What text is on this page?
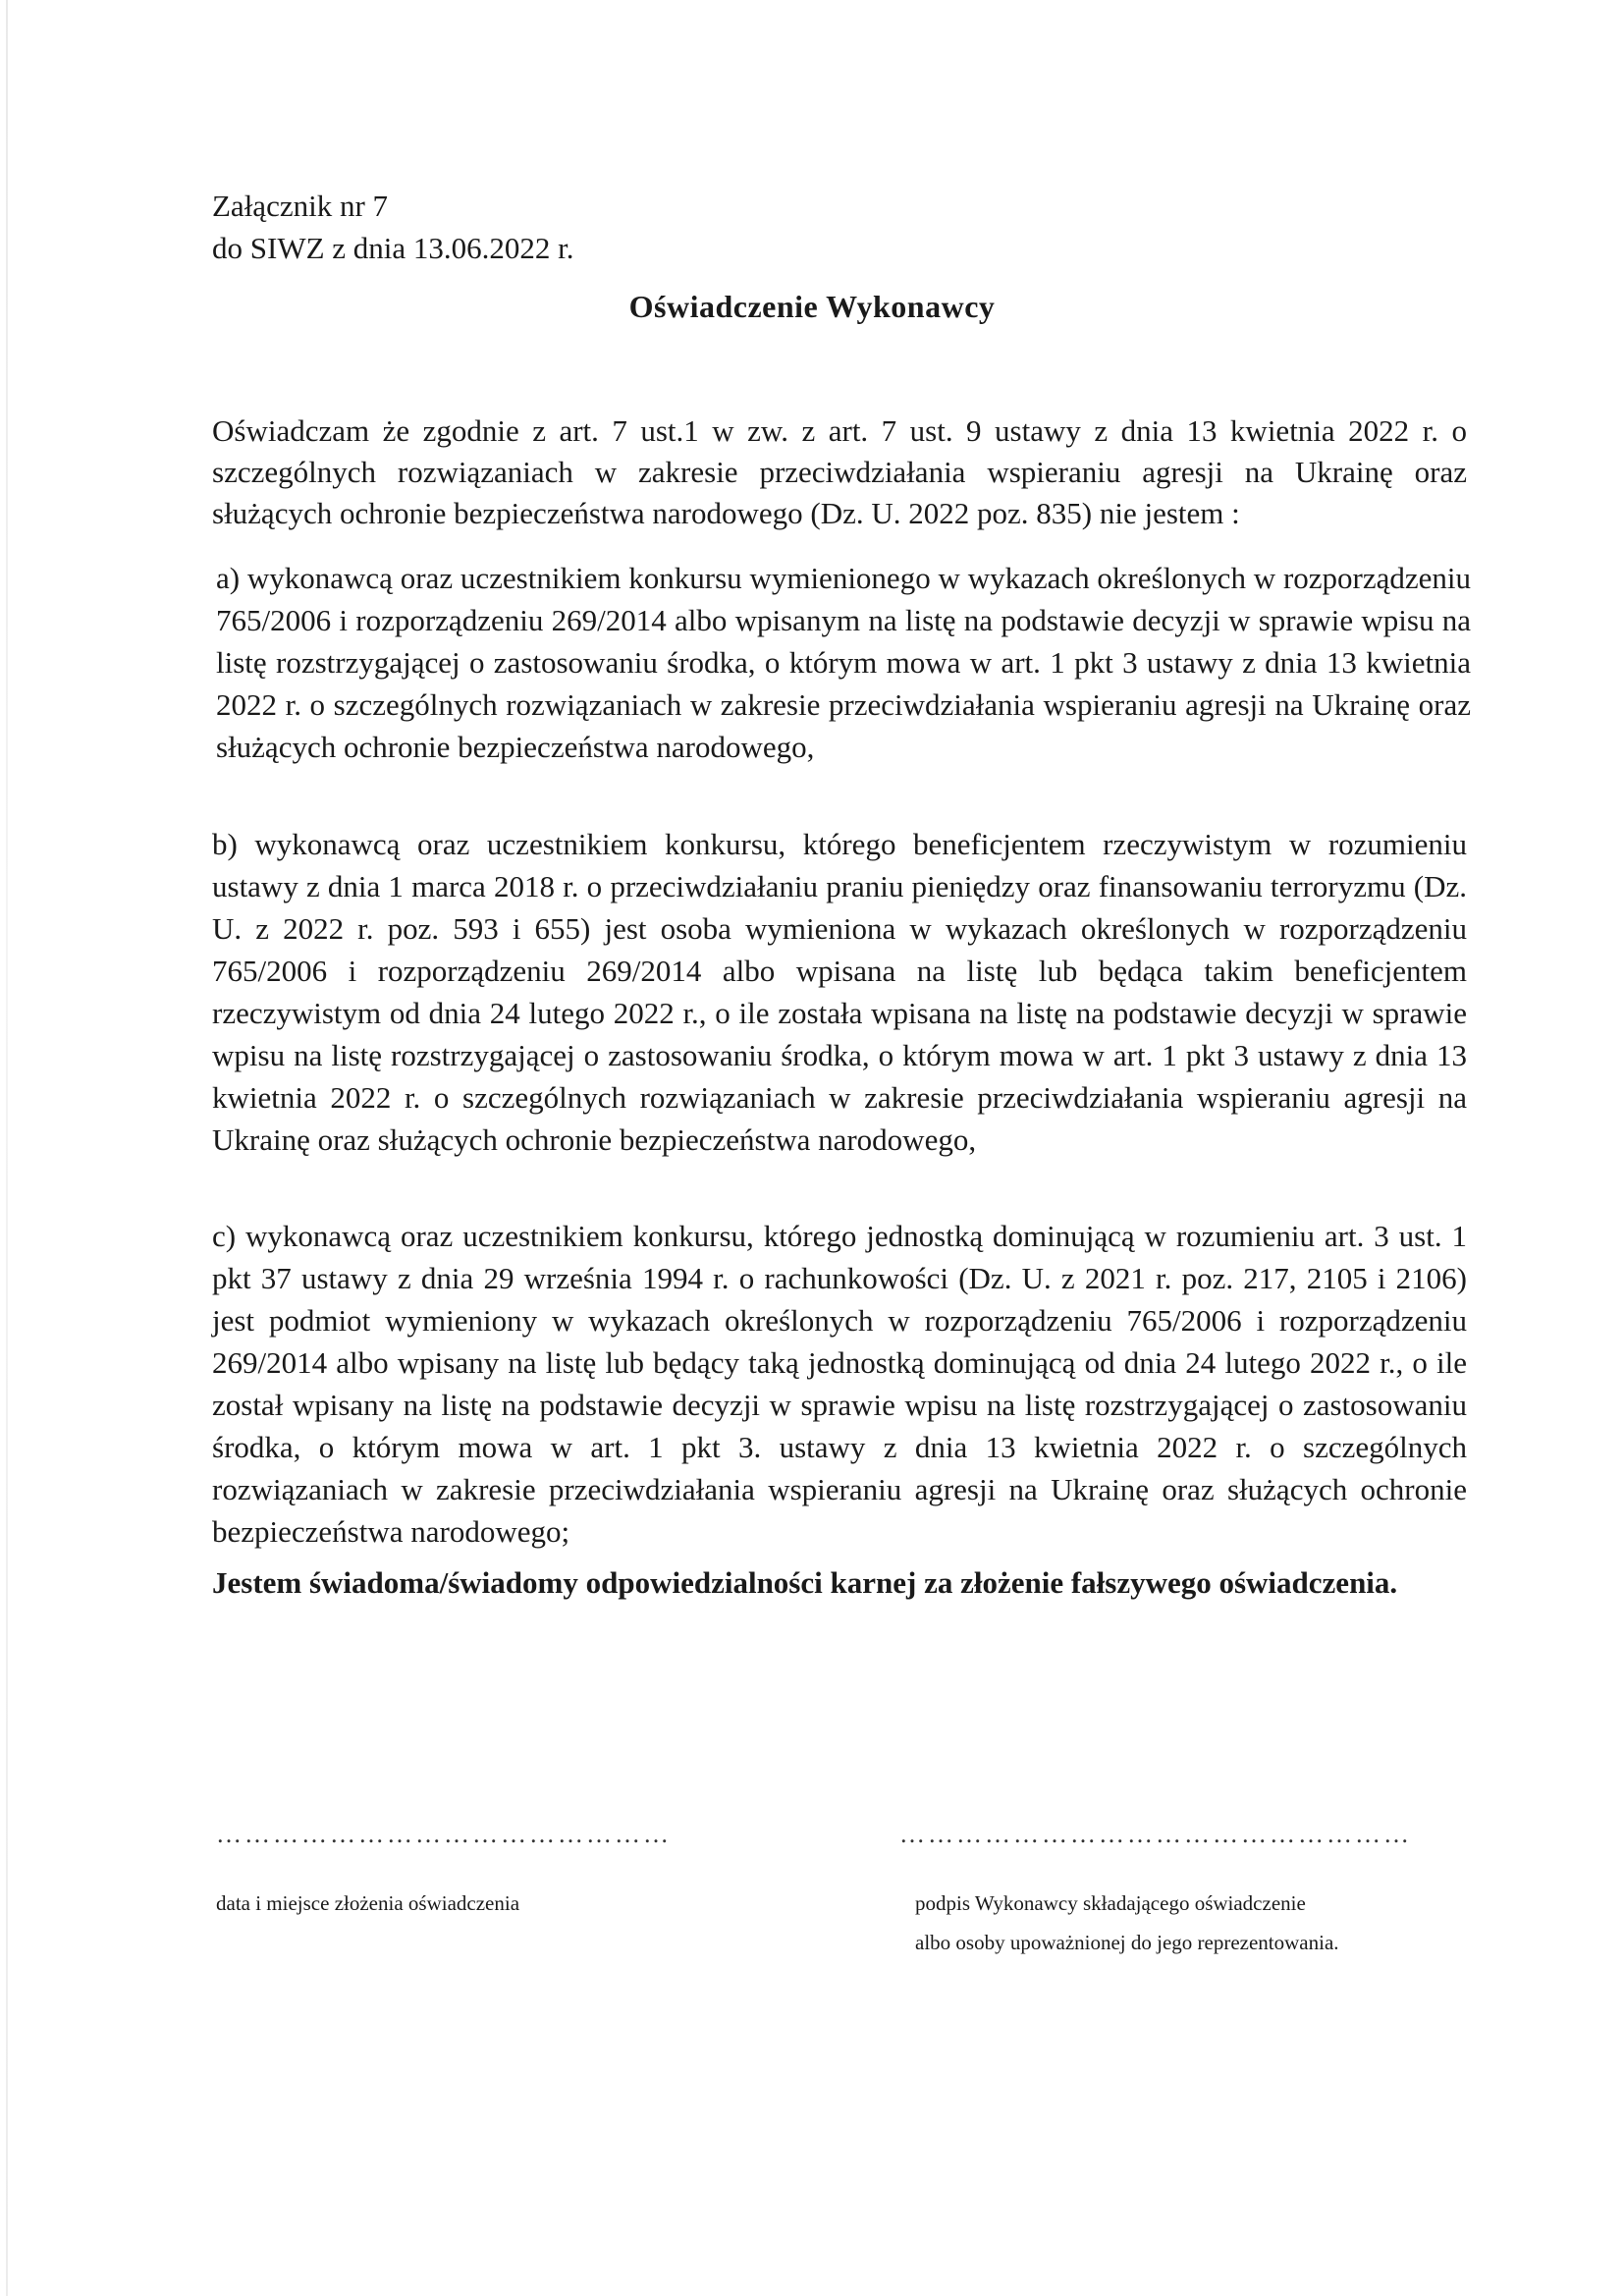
Załącznik nr 7
do SIWZ z dnia 13.06.2022 r.
Oświadczenie Wykonawcy
Oświadczam że zgodnie z art. 7 ust.1 w zw. z art. 7 ust. 9 ustawy z dnia 13 kwietnia 2022 r. o szczególnych rozwiązaniach w zakresie przeciwdziałania wspieraniu agresji na Ukrainę oraz służących ochronie bezpieczeństwa narodowego (Dz. U. 2022 poz. 835) nie jestem :
a) wykonawcą oraz uczestnikiem konkursu wymienionego w wykazach określonych w rozporządzeniu 765/2006 i rozporządzeniu 269/2014 albo wpisanym na listę na podstawie decyzji w sprawie wpisu na listę rozstrzygającej o zastosowaniu środka, o którym mowa w art. 1 pkt 3 ustawy z dnia 13 kwietnia 2022 r. o szczególnych rozwiązaniach w zakresie przeciwdziałania wspieraniu agresji na Ukrainę oraz służących ochronie bezpieczeństwa narodowego,
b) wykonawcą oraz uczestnikiem konkursu, którego beneficjentem rzeczywistym w rozumieniu ustawy z dnia 1 marca 2018 r. o przeciwdziałaniu praniu pieniędzy oraz finansowaniu terroryzmu (Dz. U. z 2022 r. poz. 593 i 655) jest osoba wymieniona w wykazach określonych w rozporządzeniu 765/2006 i rozporządzeniu 269/2014 albo wpisana na listę lub będąca takim beneficjentem rzeczywistym od dnia 24 lutego 2022 r., o ile została wpisana na listę na podstawie decyzji w sprawie wpisu na listę rozstrzygającej o zastosowaniu środka, o którym mowa w art. 1 pkt 3 ustawy z dnia 13 kwietnia 2022 r. o szczególnych rozwiązaniach w zakresie przeciwdziałania wspieraniu agresji na Ukrainę oraz służących ochronie bezpieczeństwa narodowego,
c) wykonawcą oraz uczestnikiem konkursu, którego jednostką dominującą w rozumieniu art. 3 ust. 1 pkt 37 ustawy z dnia 29 września 1994 r. o rachunkowości (Dz. U. z 2021 r. poz. 217, 2105 i 2106) jest podmiot wymieniony w wykazach określonych w rozporządzeniu 765/2006 i rozporządzeniu 269/2014 albo wpisany na listę lub będący taką jednostką dominującą od dnia 24 lutego 2022 r., o ile został wpisany na listę na podstawie decyzji w sprawie wpisu na listę rozstrzygającej o zastosowaniu środka, o którym mowa w art. 1 pkt 3. ustawy z dnia 13 kwietnia 2022 r. o szczególnych rozwiązaniach w zakresie przeciwdziałania wspieraniu agresji na Ukrainę oraz służących ochronie bezpieczeństwa narodowego;
Jestem świadoma/świadomy odpowiedzialności karnej za złożenie fałszywego oświadczenia.
…………………………………………	………………………………………………
data i miejsce złożenia oświadczenia	podpis Wykonawcy składającego oświadczenie
albo osoby upoważnionej do jego reprezentowania.
